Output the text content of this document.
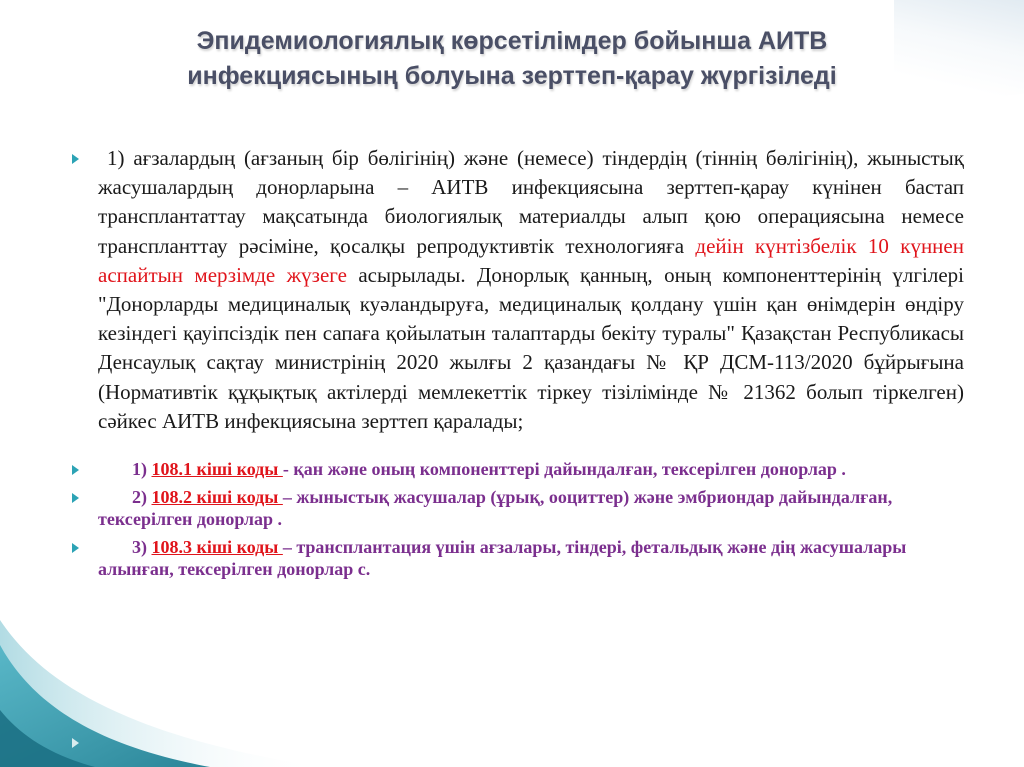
Эпидемиологиялық көрсетілімдер бойынша АИТВ
инфекциясының болуына зерттеп-қарау жүргізіледі
1) ағзалардың (ағзаның бір бөлігінің) және (немесе) тіндердің (тіннің бөлігінің), жыныстық жасушалардың донорларына – АИТВ инфекциясына зерттеп-қарау күнінен бастап трансплантаттау мақсатында биологиялық материалды алып қою операциясына немесе транспланттау рәсіміне, қосалқы репродуктивтік технологияға дейін күнтізбелік 10 күннен аспайтын мерзімде жүзеге асырылады. Донорлық қанның, оның компоненттерінің үлгілері "Донорларды медициналық куәландыруға, медициналық қолдану үшін қан өнімдерін өндіру кезіндегі қауіпсіздік пен сапаға қойылатын талаптарды бекіту туралы" Қазақстан Республикасы Денсаулық сақтау министрінің 2020 жылғы 2 қазандағы № ҚР ДСМ-113/2020 бұйрығына (Нормативтік құқықтық актілерді мемлекеттік тіркеу тізілімінде № 21362 болып тіркелген) сәйкес АИТВ инфекциясына зерттеп қаралады;
1) 108.1 кіші коды - қан және оның компоненттері дайындалған, тексерілген донорлар .
2) 108.2 кіші коды – жыныстық жасушалар (ұрық, ооциттер) және эмбриондар дайындалған, тексерілген донорлар .
3) 108.3 кіші коды – трансплантация үшін ағзалары, тіндері, фетальдық және дің жасушалары алынған, тексерілген донорлар с.
